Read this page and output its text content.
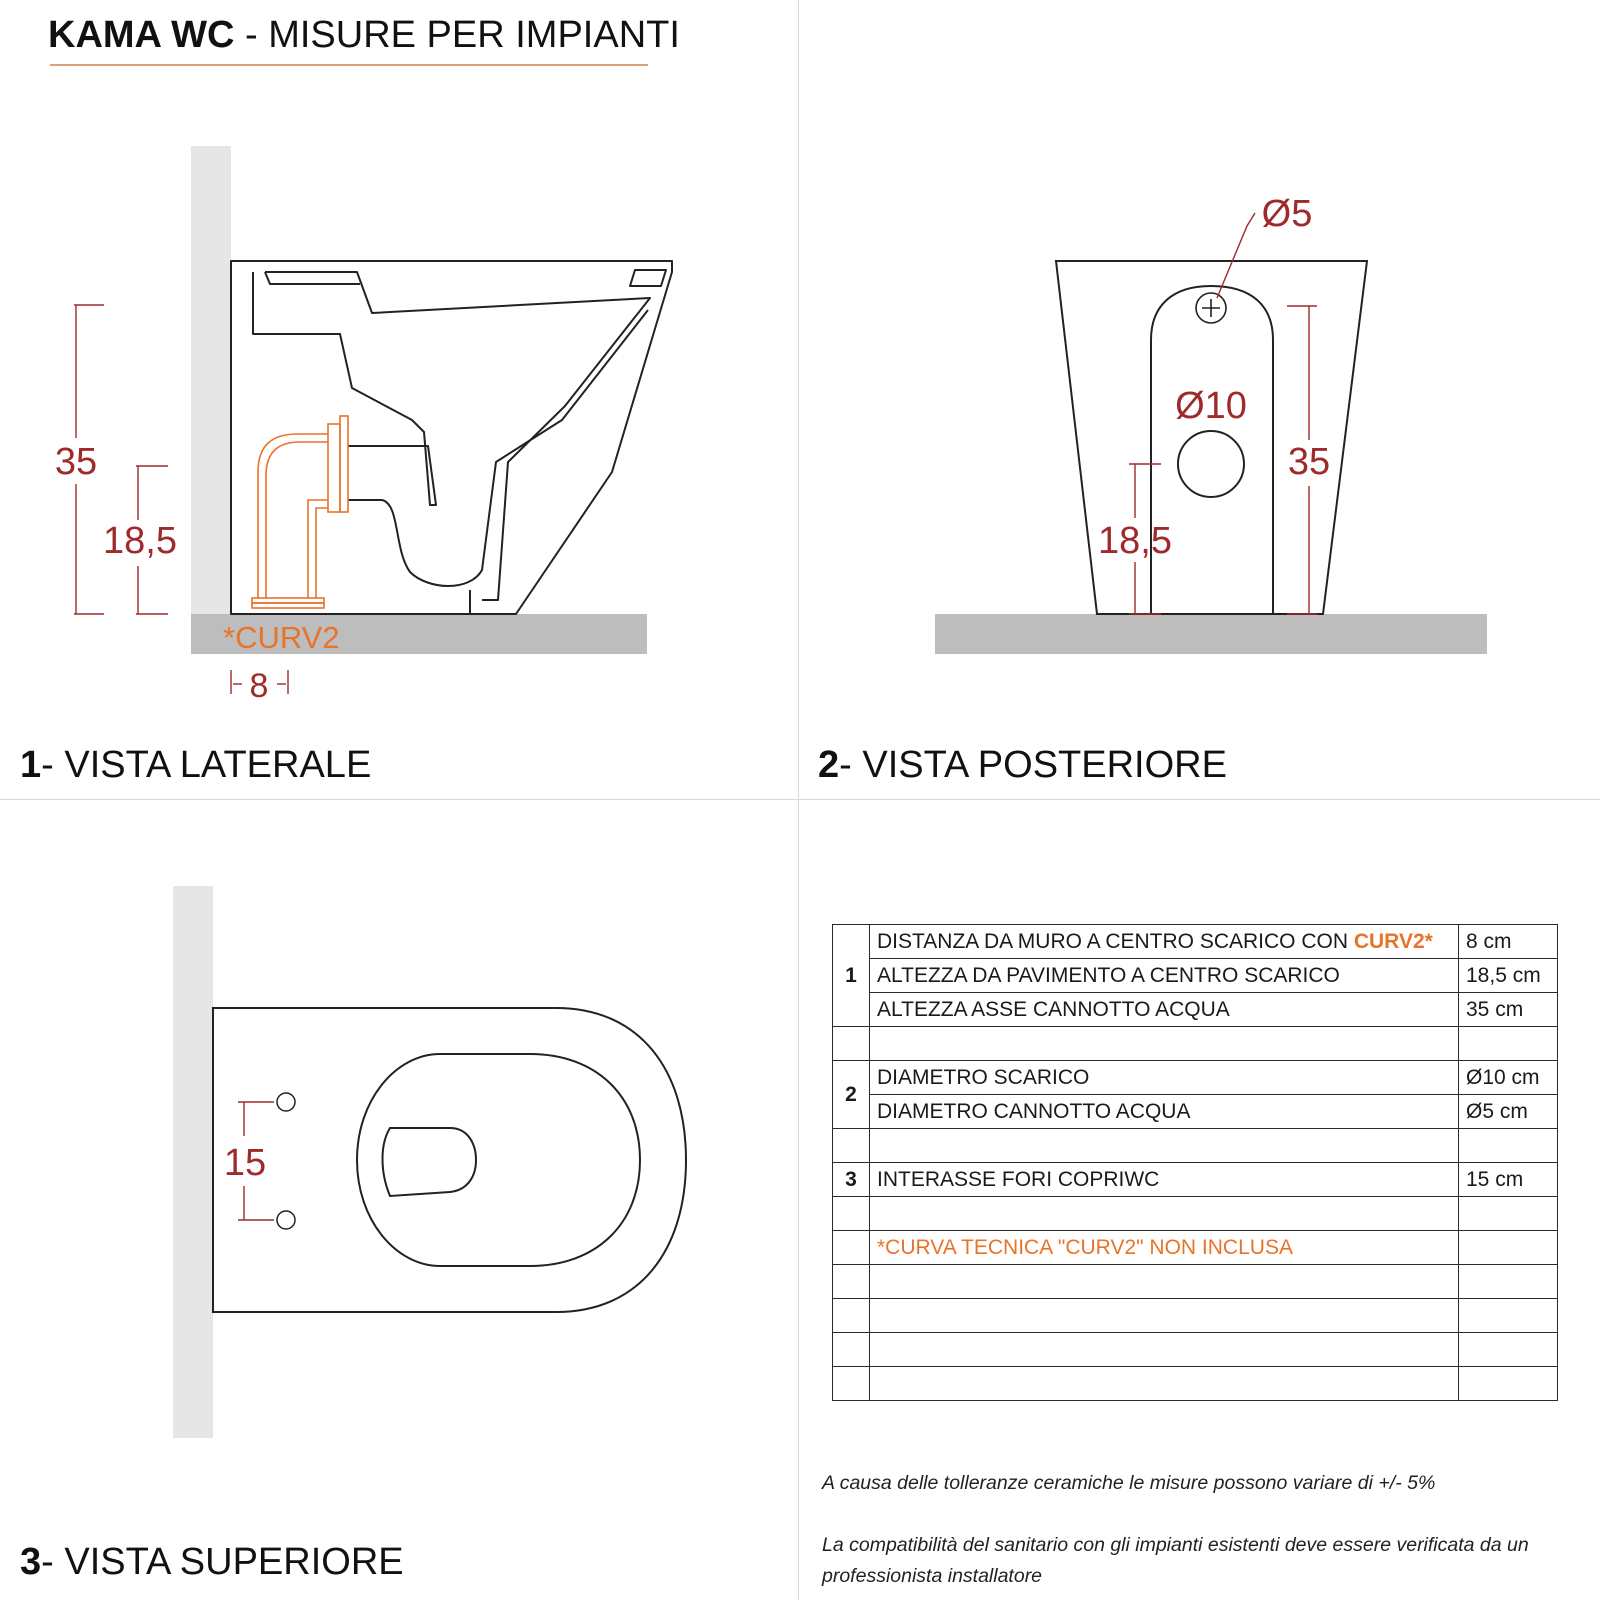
KAMA WC - MISURE PER IMPIANTI
35
18,5
*CURV2
8
1- VISTA LATERALE
Ø5
Ø10
35
18,5
2- VISTA POSTERIORE
15
3- VISTA SUPERIORE
1	DISTANZA DA MURO A CENTRO SCARICO CON CURV2*	8 cm
	ALTEZZA DA PAVIMENTO A CENTRO SCARICO	18,5 cm
	ALTEZZA ASSE CANNOTTO ACQUA	35 cm

2	DIAMETRO SCARICO	Ø10 cm
	DIAMETRO CANNOTTO ACQUA	Ø5 cm

3	INTERASSE FORI COPRIWC	15 cm

	*CURVA TECNICA "CURV2" NON INCLUSA	

A causa delle tolleranze ceramiche le misure possono variare di +/- 5%
La compatibilità del sanitario con gli impianti esistenti deve essere verificata da un professionista installatore
